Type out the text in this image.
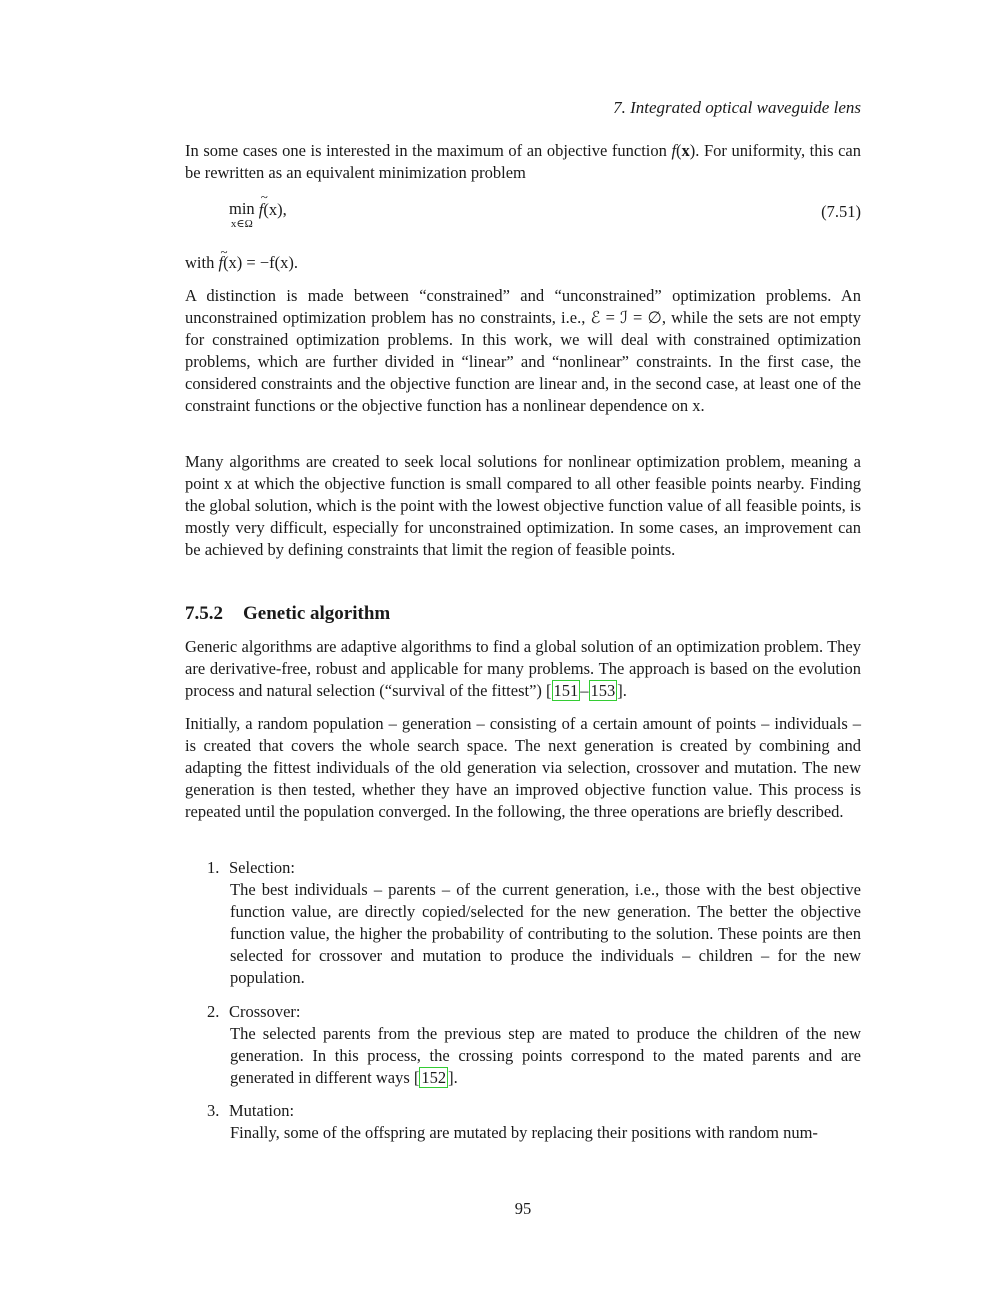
7. Integrated optical waveguide lens

In some cases one is interested in the maximum of an objective function f(x). For uniformity, this can be rewritten as an equivalent minimization problem

min
x∈Ω
~ f(x),	(7.51)

with ~ f(x) = −f(x).

A distinction is made between “constrained” and “unconstrained” optimization problems. An unconstrained optimization problem has no constraints, i.e., ℰ = ℐ = ∅, while the sets are not empty for constrained optimization problems. In this work, we will deal with constrained optimization problems, which are further divided in “linear” and “nonlinear” constraints. In the first case, the considered constraints and the objective function are linear and, in the second case, at least one of the constraint functions or the objective function has a nonlinear dependence on x.

Many algorithms are created to seek local solutions for nonlinear optimization problem, meaning a point x at which the objective function is small compared to all other feasible points nearby. Finding the global solution, which is the point with the lowest objective function value of all feasible points, is mostly very difficult, especially for unconstrained optimization. In some cases, an improvement can be achieved by defining constraints that limit the region of feasible points.

7.5.2 Genetic algorithm

Generic algorithms are adaptive algorithms to find a global solution of an optimization problem. They are derivative-free, robust and applicable for many problems. The approach is based on the evolution process and natural selection (“survival of the fittest”) [ 151 – 153 ].

Initially, a random population – generation – consisting of a certain amount of points – individuals – is created that covers the whole search space. The next generation is created by combining and adapting the fittest individuals of the old generation via selection, crossover and mutation. The new generation is then tested, whether they have an improved objective function value. This process is repeated until the population converged. In the following, the three operations are briefly described.

1. Selection:

The best individuals – parents – of the current generation, i.e., those with the best objective function value, are directly copied/selected for the new generation. The better the objective function value, the higher the probability of contributing to the solution. These points are then selected for crossover and mutation to produce the individuals – children – for the new population.

2. Crossover:

The selected parents from the previous step are mated to produce the children of the new generation. In this process, the crossing points correspond to the mated parents and are generated in different ways [ 152 ].

3. Mutation:

Finally, some of the offspring are mutated by replacing their positions with random num-

95
